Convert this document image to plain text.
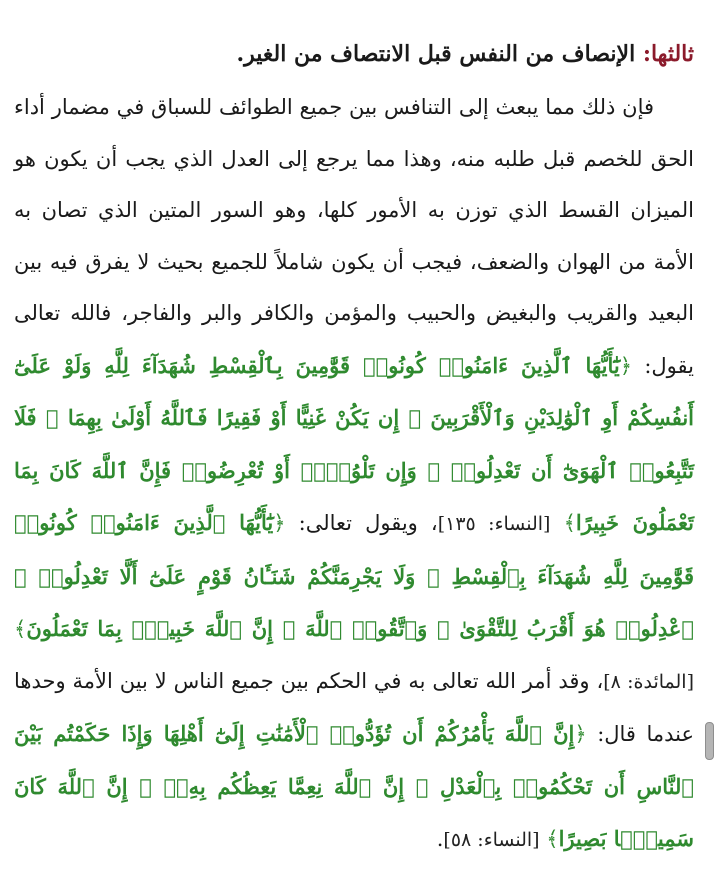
ثالثها: الإنصاف من النفس قبل الانتصاف من الغير.

فإن ذلك مما يبعث إلى التنافس بين جميع الطوائف للسباق في مضمار أداء الحق للخصم قبل طلبه منه، وهذا مما يرجع إلى العدل الذي يجب أن يكون هو الميزان القسط الذي توزن به الأمور كلها، وهو السور المتين الذي تصان به الأمة من الهوان والضعف، فيجب أن يكون شاملاً للجميع بحيث لا يفرق فيه بين البعيد والقريب والبغيض والحبيب والمؤمن والكافر والبر والفاجر، فالله تعالى يقول: ﴿يَٰٓأَيُّهَا ٱلَّذِينَ ءَامَنُوا۟ كُونُوا۟ قَوَّٰمِينَ بِٱلْقِسْطِ شُهَدَآءَ لِلَّهِ وَلَوْ عَلَىٰٓ أَنفُسِكُمْ أَوِ ٱلْوَٰلِدَيْنِ وَٱلْأَقْرَبِينَ ۚ إِن يَكُنْ غَنِيًّا أَوْ فَقِيرًا فَٱللَّهُ أَوْلَىٰ بِهِمَا ۖ فَلَا تَتَّبِعُوا۟ ٱلْهَوَىٰٓ أَن تَعْدِلُوا۟ ۚ وَإِن تَلْوُۥٓا۟ أَوْ تُعْرِضُوا۟ فَإِنَّ ٱللَّهَ كَانَ بِمَا تَعْمَلُونَ خَبِيرًا﴾ [النساء: ١٣٥]، ويقول تعالى: ﴿يَٰٓأَيُّهَا ٱلَّذِينَ ءَامَنُوا۟ كُونُوا۟ قَوَّٰمِينَ لِلَّهِ شُهَدَآءَ بِٱلْقِسْطِ ۖ وَلَا يَجْرِمَنَّكُمْ شَنَـَٔانُ قَوْمٍ عَلَىٰٓ أَلَّا تَعْدِلُوا۟ ۚ ٱعْدِلُوا۟ هُوَ أَقْرَبُ لِلتَّقْوَىٰ ۖ وَٱتَّقُوا۟ ٱللَّهَ ۚ إِنَّ ٱللَّهَ خَبِيرٌۢ بِمَا تَعْمَلُونَ﴾ [المائدة: ٨]، وقد أمر الله تعالى به في الحكم بين جميع الناس لا بين الأمة وحدها عندما قال: ﴿إِنَّ ٱللَّهَ يَأْمُرُكُمْ أَن تُؤَدُّوا۟ ٱلْأَمَٰنَٰتِ إِلَىٰٓ أَهْلِهَا وَإِذَا حَكَمْتُم بَيْنَ ٱلنَّاسِ أَن تَحْكُمُوا۟ بِٱلْعَدْلِ ۚ إِنَّ ٱللَّهَ نِعِمَّا يَعِظُكُم بِهِۦٓ ۗ إِنَّ ٱللَّهَ كَانَ سَمِيعًۢا بَصِيرًا﴾ [النساء: ٥٨].
